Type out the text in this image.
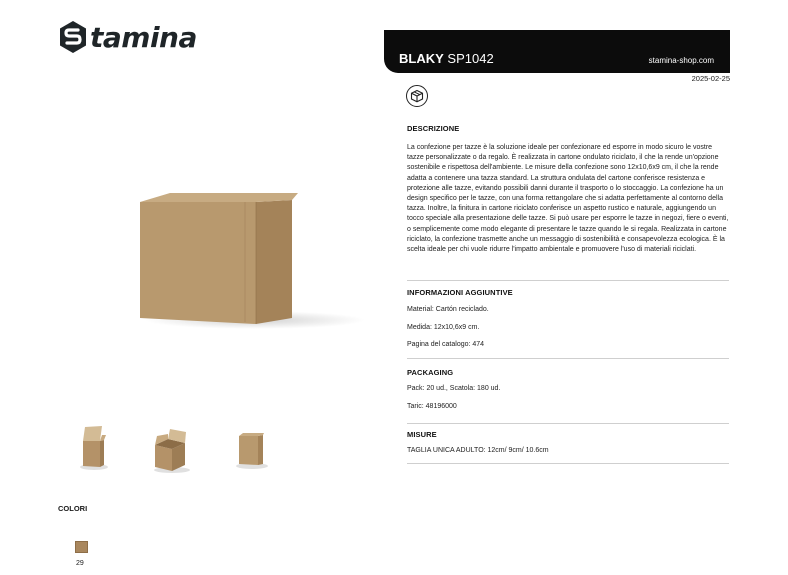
tamina
BLAKY SP1042	stamina-shop.com
2025-02-25
DESCRIZIONE
La confezione per tazze è la soluzione ideale per confezionare ed esporre in modo sicuro le vostre tazze personalizzate o da regalo. È realizzata in cartone ondulato riciclato, il che la rende un'opzione sostenibile e rispettosa dell'ambiente. Le misure della confezione sono 12x10,6x9 cm, il che la rende adatta a contenere una tazza standard. La struttura ondulata del cartone conferisce resistenza e protezione alle tazze, evitando possibili danni durante il trasporto o lo stoccaggio. La confezione ha un design specifico per le tazze, con una forma rettangolare che si adatta perfettamente al contorno della tazza. Inoltre, la finitura in cartone riciclato conferisce un aspetto rustico e naturale, aggiungendo un tocco speciale alla presentazione delle tazze. Si può usare per esporre le tazze in negozi, fiere o eventi, o semplicemente come modo elegante di presentare le tazze quando le si regala. Realizzata in cartone riciclato, la confezione trasmette anche un messaggio di sostenibilità e consapevolezza ecologica. È la scelta ideale per chi vuole ridurre l'impatto ambientale e promuovere l'uso di materiali riciclati.
INFORMAZIONI AGGIUNTIVE
Material: Cartón reciclado.
Medida: 12x10,6x9 cm.
Pagina del catalogo: 474
PACKAGING
Pack: 20 ud., Scatola: 180 ud.
Taric: 48196000
MISURE
TAGLIA UNICA ADULTO: 12cm/ 9cm/ 10.6cm
COLORI
29
